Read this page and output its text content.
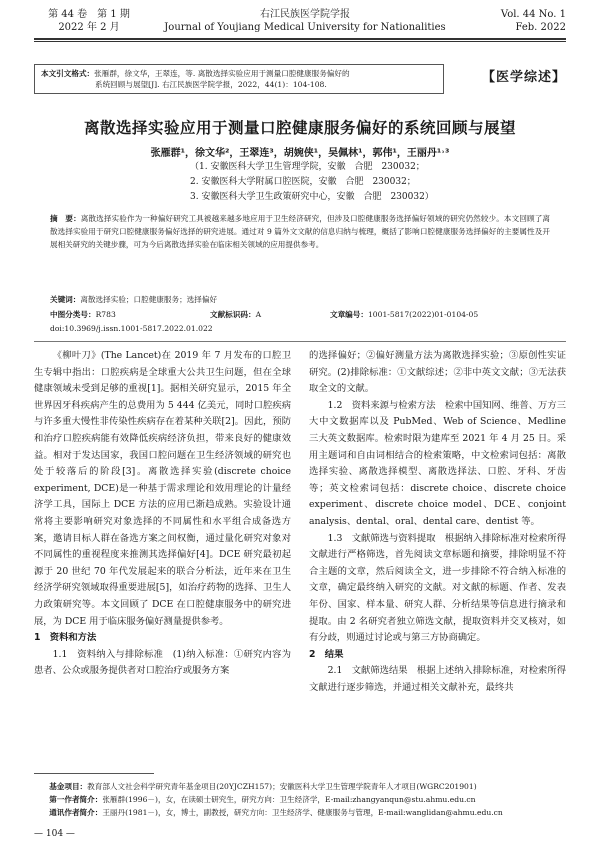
第 44 卷　第 1 期
2022 年 2 月
右江民族医学院学报
Journal of Youjiang Medical University for Nationalities
Vol. 44 No. 1
Feb. 2022
本文引文格式：张雁群，徐文华，王翠连，等. 离散选择实验应用于测量口腔健康服务偏好的
系统回顾与展望[J]. 右江民族医学院学报，2022，44(1)：104-108.	【医学综述】
离散选择实验应用于测量口腔健康服务偏好的系统回顾与展望
张雁群¹，徐文华²，王翠连³，胡婉侠¹，吴佩林¹，郭伟¹，王丽丹¹˒³
（1. 安徽医科大学卫生管理学院，安徽　合肥　230032；
2. 安徽医科大学附属口腔医院，安徽　合肥　230032；
3. 安徽医科大学卫生政策研究中心，安徽　合肥　230032）
摘　要：离散选择实验作为一种偏好研究工具被越来越多地应用于卫生经济研究，但涉及口腔健康服务选择偏好领域的研究仍然较少。本文回顾了离散选择实验用于研究口腔健康服务偏好选择的研究进展。通过对 9 篇外文文献的信息归纳与梳理，概括了影响口腔健康服务选择偏好的主要属性及开展相关研究的关键步骤，可为今后离散选择实验在临床相关领域的应用提供参考。
关键词：离散选择实验；口腔健康服务；选择偏好
中图分类号：R783	文献标识码：A	文章编号：1001-5817(2022)01-0104-05
doi:10.3969/j.issn.1001-5817.2022.01.022

《柳叶刀》(The Lancet)在 2019 年 7 月发布的口腔卫生专辑中指出：口腔疾病是全球重大公共卫生问题，但在全球健康领域未受到足够的重视[1]。据相关研究显示，2015 年全世界因牙科疾病产生的总费用为 5 444 亿美元，同时口腔疾病与许多重大慢性非传染性疾病存在着某种关联[2]。因此，预防和治疗口腔疾病能有效降低疾病经济负担，带来良好的健康效益。相对于发达国家，我国口腔问题在卫生经济领域的研究也处于较落后的阶段[3]。离散选择实验(discrete choice experiment, DCE)是一种基于需求理论和效用理论的计量经济学工具，国际上 DCE 方法的应用已渐趋成熟。实验设计通常将主要影响研究对象选择的不同属性和水平组合成备选方案，邀请目标人群在备选方案之间权衡，通过量化研究对象对不同属性的重视程度来推测其选择偏好[4]。DCE 研究最初起源于 20 世纪 70 年代发展起来的联合分析法，近年来在卫生经济学研究领域取得重要进展[5]，如治疗药物的选择、卫生人力政策研究等。本文回顾了 DCE 在口腔健康服务中的研究进展，为 DCE 用于临床服务偏好测量提供参考。

1　资料和方法

1.1　资料纳入与排除标准　(1)纳入标准：①研究内容为患者、公众或服务提供者对口腔治疗或服务方案

的选择偏好；②偏好测量方法为离散选择实验；③原创性实证研究。(2)排除标准：①文献综述；②非中英文文献；③无法获取全文的文献。

1.2　资料来源与检索方法　检索中国知网、维普、万方三大中文数据库以及 PubMed、Web of Science、Medline 三大英文数据库。检索时限为建库至 2021 年 4 月 25 日。采用主题词和自由词相结合的检索策略，中文检索词包括：离散选择实验、离散选择模型、离散选择法、口腔、牙科、牙齿等；英文检索词包括：discrete choice、discrete choice experiment、discrete choice model、DCE、conjoint analysis、dental、oral、dental care、dentist 等。

1.3　文献筛选与资料提取　根据纳入排除标准对检索所得文献进行严格筛选，首先阅读文章标题和摘要，排除明显不符合主题的文章，然后阅读全文，进一步排除不符合纳入标准的文章，确定最终纳入研究的文献。对文献的标题、作者、发表年份、国家、样本量、研究人群、分析结果等信息进行摘录和提取。由 2 名研究者独立筛选文献，提取资料并交叉核对，如有分歧，则通过讨论或与第三方协商确定。

2　结果

2.1　文献筛选结果　根据上述纳入排除标准，对检索所得文献进行逐步筛选，并通过相关文献补充，最终共

基金项目：教育部人文社会科学研究青年基金项目(20YJCZH157)；安徽医科大学卫生管理学院青年人才项目(WGRC201901)

第一作者简介：张雁群(1996－)，女，在读硕士研究生，研究方向：卫生经济学，E-mail:zhangyanqun@stu.ahmu.edu.cn

通讯作者简介：王丽丹(1981－)，女，博士，副教授，研究方向：卫生经济学、健康服务与管理，E-mail:wanglidan@ahmu.edu.cn

— 104 —
